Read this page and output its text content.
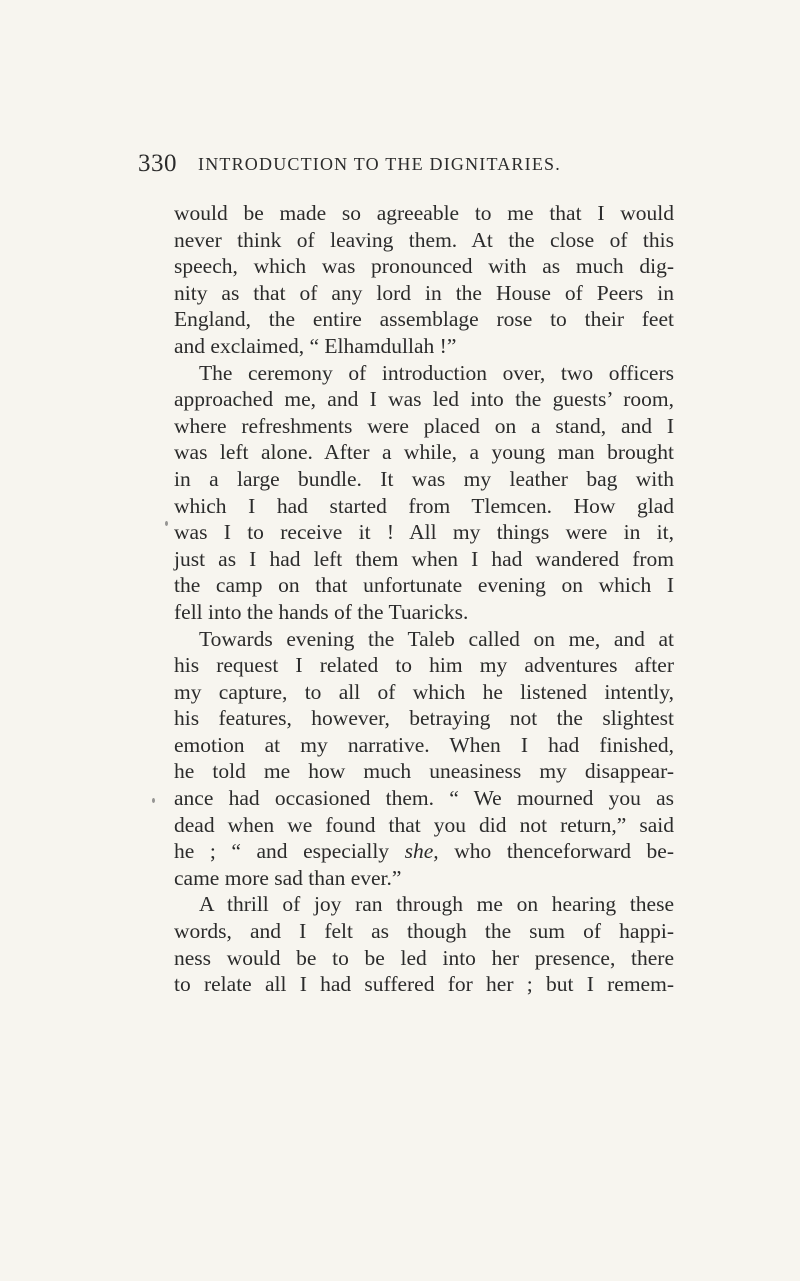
330 INTRODUCTION TO THE DIGNITARIES.
would be made so agreeable to me that I would
never think of leaving them. At the close of this
speech, which was pronounced with as much dig-
nity as that of any lord in the House of Peers in
England, the entire assemblage rose to their feet
and exclaimed, “ Elhamdullah !”
The ceremony of introduction over, two officers
approached me, and I was led into the guests’ room,
where refreshments were placed on a stand, and I
was left alone. After a while, a young man brought
in a large bundle. It was my leather bag with
which I had started from Tlemcen. How glad
was I to receive it ! All my things were in it,
just as I had left them when I had wandered from
the camp on that unfortunate evening on which I
fell into the hands of the Tuaricks.
Towards evening the Taleb called on me, and at
his request I related to him my adventures after
my capture, to all of which he listened intently,
his features, however, betraying not the slightest
emotion at my narrative. When I had finished,
he told me how much uneasiness my disappear-
ance had occasioned them. “ We mourned you as
dead when we found that you did not return,” said
he ; “ and especially she, who thenceforward be-
came more sad than ever.”
A thrill of joy ran through me on hearing these
words, and I felt as though the sum of happi-
ness would be to be led into her presence, there
to relate all I had suffered for her ; but I remem-
